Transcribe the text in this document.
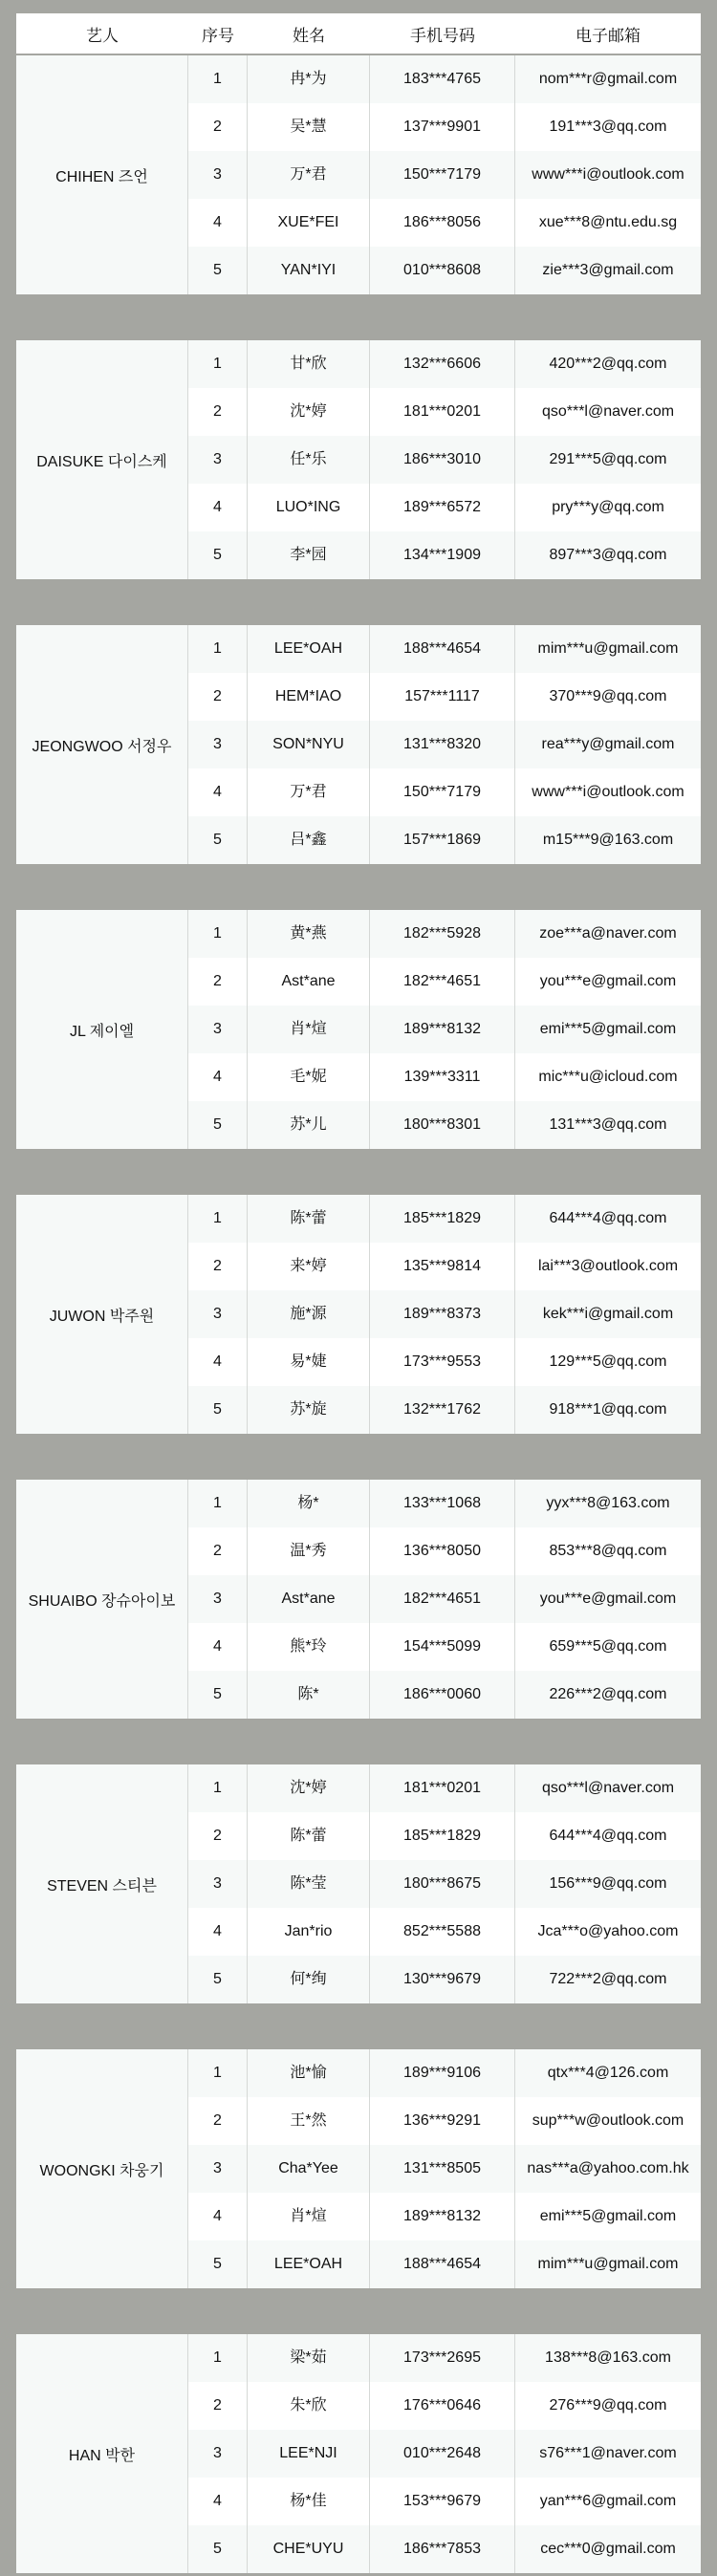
艺人	序号	姓名	手机号码	电子邮箱
CHIHEN 즈언
1	冉*为	183***4765	nom***r@gmail.com
2	吴*慧	137***9901	191***3@qq.com
3	万*君	150***7179	www***i@outlook.com
4	XUE*FEI	186***8056	xue***8@ntu.edu.sg
5	YAN*IYI	010***8608	zie***3@gmail.com
DAISUKE 다이스케
1	甘*欣	132***6606	420***2@qq.com
2	沈*婷	181***0201	qso***l@naver.com
3	任*乐	186***3010	291***5@qq.com
4	LUO*ING	189***6572	pry***y@qq.com
5	李*园	134***1909	897***3@qq.com
JEONGWOO 서정우
1	LEE*OAH	188***4654	mim***u@gmail.com
2	HEM*IAO	157***1117	370***9@qq.com
3	SON*NYU	131***8320	rea***y@gmail.com
4	万*君	150***7179	www***i@outlook.com
5	吕*鑫	157***1869	m15***9@163.com
JL 제이엘
1	黄*燕	182***5928	zoe***a@naver.com
2	Ast*ane	182***4651	you***e@gmail.com
3	肖*煊	189***8132	emi***5@gmail.com
4	毛*妮	139***3311	mic***u@icloud.com
5	苏*儿	180***8301	131***3@qq.com
JUWON 박주원
1	陈*蕾	185***1829	644***4@qq.com
2	来*婷	135***9814	lai***3@outlook.com
3	施*源	189***8373	kek***i@gmail.com
4	易*婕	173***9553	129***5@qq.com
5	苏*旋	132***1762	918***1@qq.com
SHUAIBO 장슈아이보
1	杨*	133***1068	yyx***8@163.com
2	温*秀	136***8050	853***8@qq.com
3	Ast*ane	182***4651	you***e@gmail.com
4	熊*玲	154***5099	659***5@qq.com
5	陈*	186***0060	226***2@qq.com
STEVEN 스티븐
1	沈*婷	181***0201	qso***l@naver.com
2	陈*蕾	185***1829	644***4@qq.com
3	陈*莹	180***8675	156***9@qq.com
4	Jan*rio	852***5588	Jca***o@yahoo.com
5	何*绚	130***9679	722***2@qq.com
WOONGKI 차웅기
1	池*愉	189***9106	qtx***4@126.com
2	王*然	136***9291	sup***w@outlook.com
3	Cha*Yee	131***8505	nas***a@yahoo.com.hk
4	肖*煊	189***8132	emi***5@gmail.com
5	LEE*OAH	188***4654	mim***u@gmail.com
HAN 박한
1	梁*茹	173***2695	138***8@163.com
2	朱*欣	176***0646	276***9@qq.com
3	LEE*NJI	010***2648	s76***1@naver.com
4	杨*佳	153***9679	yan***6@gmail.com
5	CHE*UYU	186***7853	cec***0@gmail.com
